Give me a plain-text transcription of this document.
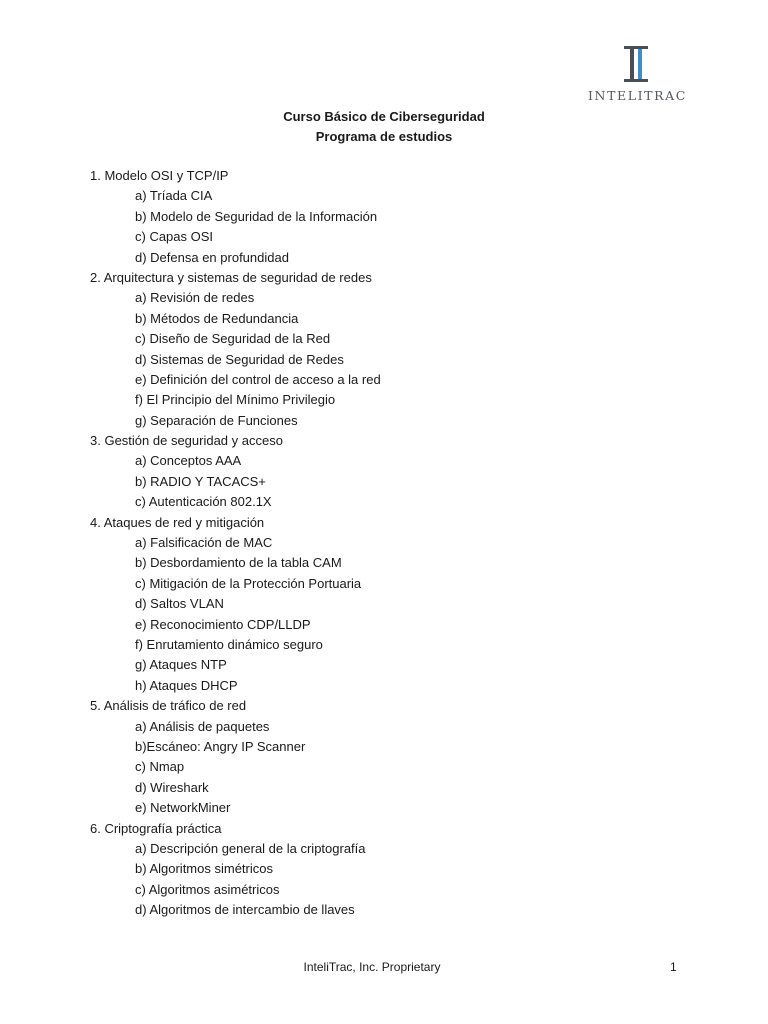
INTELITRAC
Curso Básico de Ciberseguridad
Programa de estudios
1. Modelo OSI y TCP/IP
a) Tríada CIA
b) Modelo de Seguridad de la Información
c) Capas OSI
d) Defensa en profundidad
2. Arquitectura y sistemas de seguridad de redes
a) Revisión de redes
b) Métodos de Redundancia
c) Diseño de Seguridad de la Red
d) Sistemas de Seguridad de Redes
e) Definición del control de acceso a la red
f) El Principio del Mínimo Privilegio
g) Separación de Funciones
3. Gestión de seguridad y acceso
a) Conceptos AAA
b) RADIO Y TACACS+
c) Autenticación 802.1X
4. Ataques de red y mitigación
a) Falsificación de MAC
b) Desbordamiento de la tabla CAM
c) Mitigación de la Protección Portuaria
d) Saltos VLAN
e) Reconocimiento CDP/LLDP
f) Enrutamiento dinámico seguro
g) Ataques NTP
h) Ataques DHCP
5. Análisis de tráfico de red
a) Análisis de paquetes
b)Escáneo: Angry IP Scanner
c) Nmap
d) Wireshark
e) NetworkMiner
6. Criptografía práctica
a) Descripción general de la criptografía
b) Algoritmos simétricos
c) Algoritmos asimétricos
d) Algoritmos de intercambio de llaves
InteliTrac, Inc. Proprietary	1
